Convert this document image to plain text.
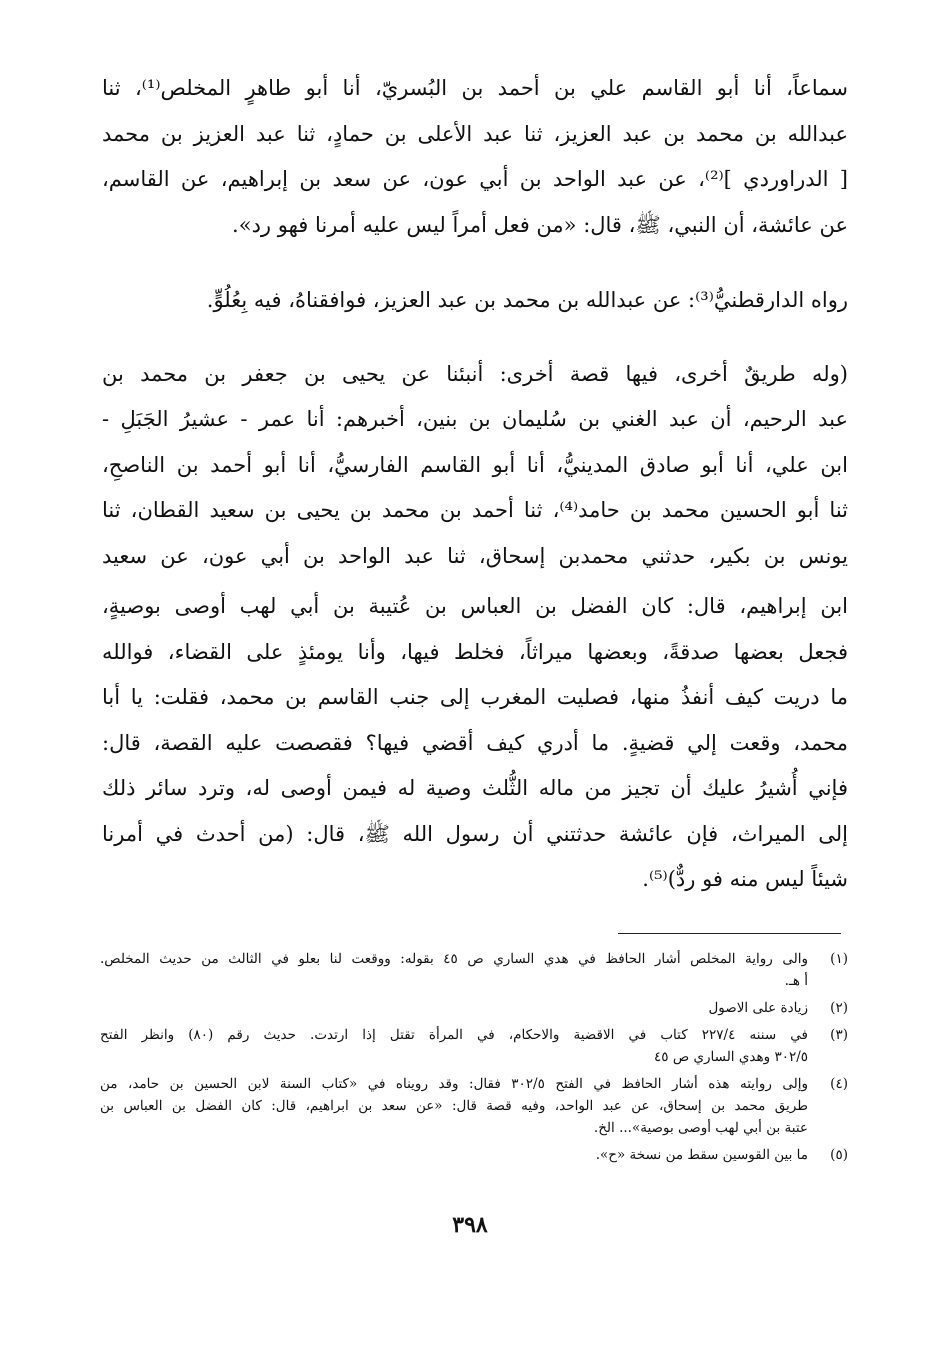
سماعاً، أنا أبو القاسم علي بن أحمد بن البُسريّ، أنا أبو طاهرٍ المخلص⁽¹⁾، ثنا
عبدالله بن محمد بن عبد العزيز، ثنا عبد الأعلى بن حمادٍ، ثنا عبد العزيز بن محمد
[ الدراوردي ]⁽²⁾، عن عبد الواحد بن أبي عون، عن سعد بن إبراهيم، عن القاسم،
عن عائشة، أن النبي، ﷺ، قال: «من فعل أمراً ليس عليه أمرنا فهو رد».

رواه الدارقطنيُّ⁽³⁾: عن عبدالله بن محمد بن عبد العزيز، فوافقناهُ، فيه بِعُلُوٍّ.

(وله طريقٌ أخرى، فيها قصة أخرى: أنبئنا عن يحيى بن جعفر بن محمد بن
عبد الرحيم، أن عبد الغني بن سُليمان بن بنين، أخبرهم: أنا عمر - عشيرُ الجَبَلِ -
ابن علي، أنا أبو صادق المدينيُّ، أنا أبو القاسم الفارسيُّ، أنا أبو أحمد بن الناصحِ،
ثنا أبو الحسين محمد بن حامد⁽⁴⁾، ثنا أحمد بن محمد بن يحيى بن سعيد القطان، ثنا
يونس بن بكير، حدثني محمدبن إسحاق، ثنا عبد الواحد بن أبي عون، عن سعيد

ابن إبراهيم، قال: كان الفضل بن العباس بن عُتيبة بن أبي لهب أوصى بوصيةٍ،
فجعل بعضها صدقةً، وبعضها ميراثاً، فخلط فيها، وأنا يومئذٍ على القضاء، فوالله
ما دريت كيف أنفذُ منها، فصليت المغرب إلى جنب القاسم بن محمد، فقلت: يا أبا
محمد، وقعت إلي قضيةٍ. ما أدري كيف أقضي فيها؟ فقصصت عليه القصة، قال:
فإني أُشيرُ عليك أن تجيز من ماله الثُّلث وصية له فيمن أوصى له، وترد سائر ذلك
إلى الميراث، فإن عائشة حدثتني أن رسول الله ﷺ، قال: (من أحدث في أمرنا
شيئاً ليس منه فو ردٌّ)⁽⁵⁾.

(١)
والى رواية المخلص أشار الحافظ في هدي الساري ص ٤٥ بقوله: ووقعت لنا بعلو في الثالث من حديث المخلص.
أ هـ.
(٢)
زيادة على الاصول
(٣)
في سننه ٢٢٧/٤ كتاب في الاقضية والاحكام، في المرأة تقتل إذا ارتدت. حديث رقم (٨٠) وانظر الفتح
٣٠٢/٥ وهدي الساري ص ٤٥
(٤)
وإلى روايته هذه أشار الحافظ في الفتح ٣٠٢/٥ فقال: وقد رويناه في «كتاب السنة لابن الحسين بن حامد، من
طريق محمد بن إسحاق، عن عبد الواحد، وفيه قصة قال: «عن سعد بن ابراهيم، قال: كان الفضل بن العباس بن
عتبة بن أبي لهب أوصى بوصية»... الخ.
(٥)
ما بين القوسين سقط من نسخة «ح».
٣٩٨
